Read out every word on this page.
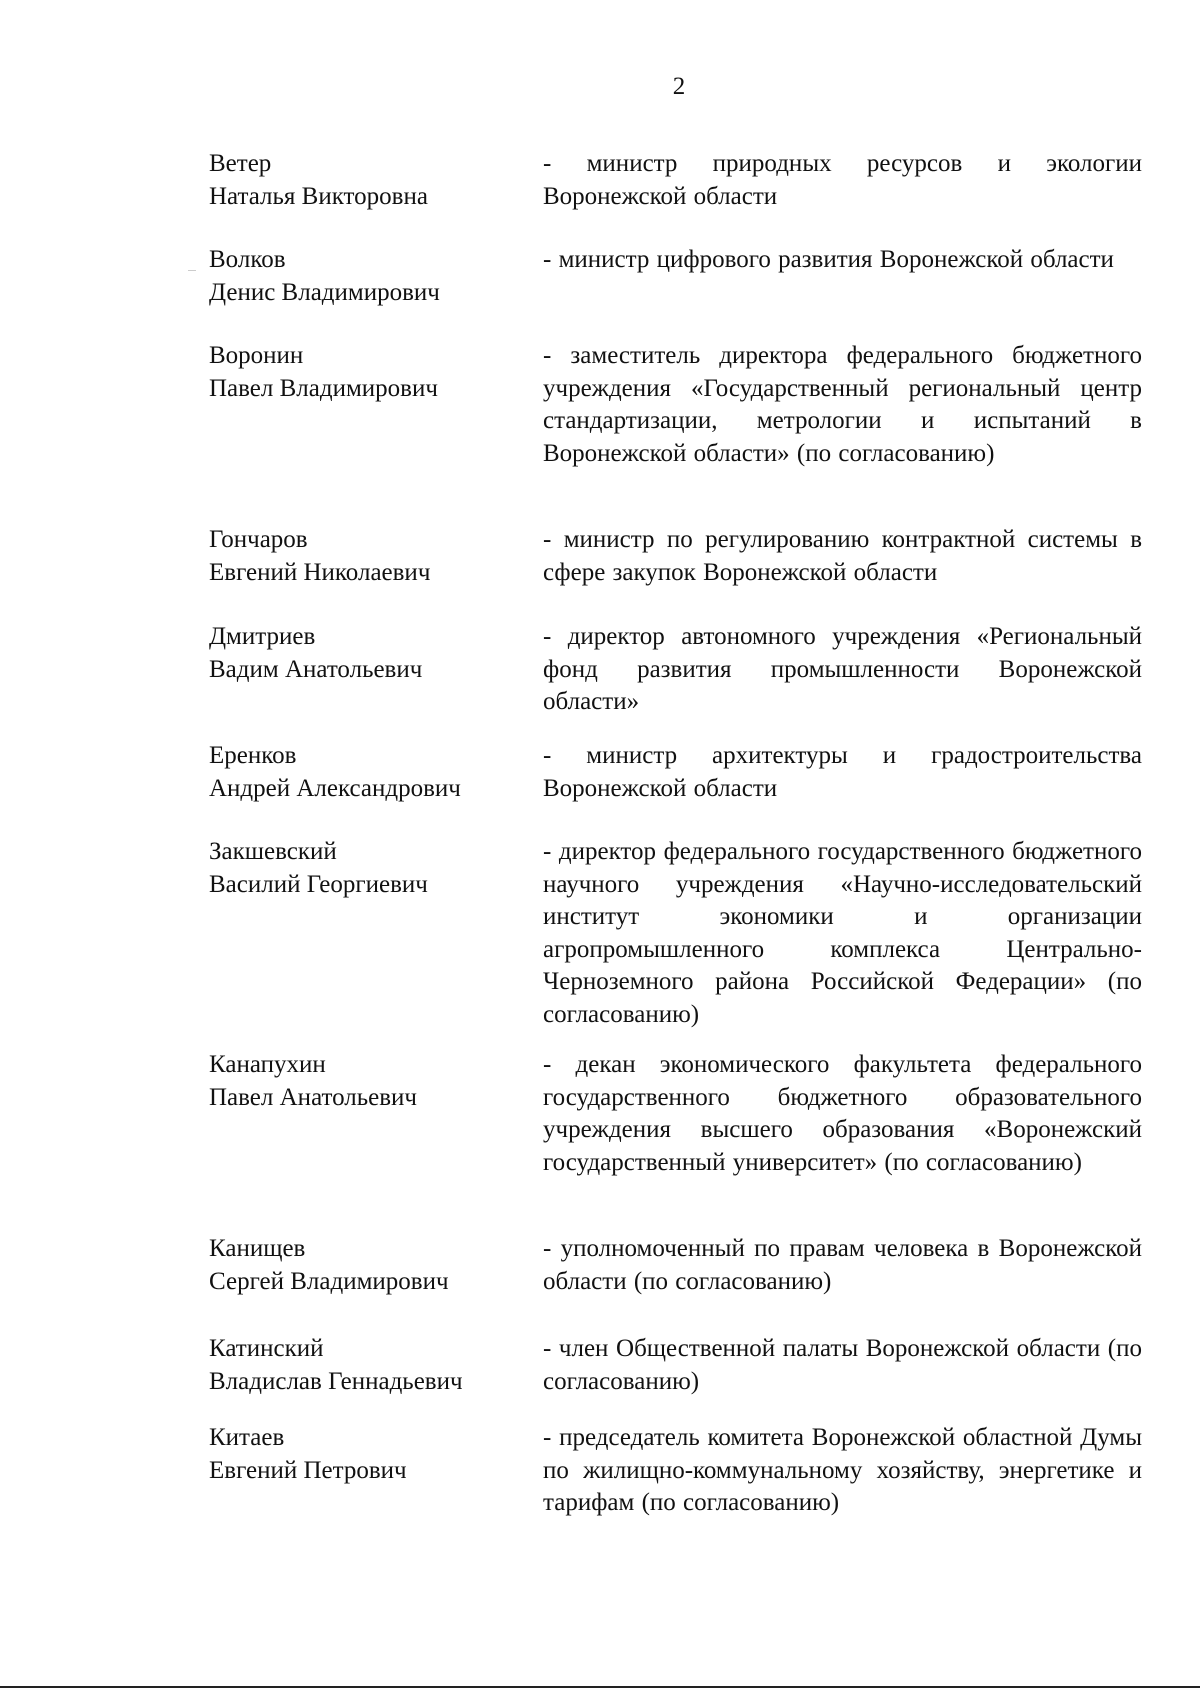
2
Ветер
Наталья Викторовна
- министр природных ресурсов и экологии Воронежской области
Волков
Денис Владимирович
- министр цифрового развития Воронежской области
Воронин
Павел Владимирович
- заместитель директора федерального бюджетного учреждения «Государственный региональный центр стандартизации, метрологии и испытаний в Воронежской области» (по согласованию)
Гончаров
Евгений Николаевич
- министр по регулированию контрактной системы в сфере закупок Воронежской области
Дмитриев
Вадим Анатольевич
- директор автономного учреждения «Региональный фонд развития промышленности Воронежской области»
Еренков
Андрей Александрович
- министр архитектуры и градостроительства Воронежской области
Закшевский
Василий Георгиевич
- директор федерального государственного бюджетного научного учреждения «Научно-исследовательский институт экономики и организации агропромышленного комплекса Центрально-Черноземного района Российской Федерации» (по согласованию)
Канапухин
Павел Анатольевич
- декан экономического факультета федерального государственного бюджетного образовательного учреждения высшего образования «Воронежский государственный университет» (по согласованию)
Канищев
Сергей Владимирович
- уполномоченный по правам человека в Воронежской области (по согласованию)
Катинский
Владислав Геннадьевич
- член Общественной палаты Воронежской области (по согласованию)
Китаев
Евгений Петрович
- председатель комитета Воронежской областной Думы по жилищно-коммунальному хозяйству, энергетике и тарифам (по согласованию)
